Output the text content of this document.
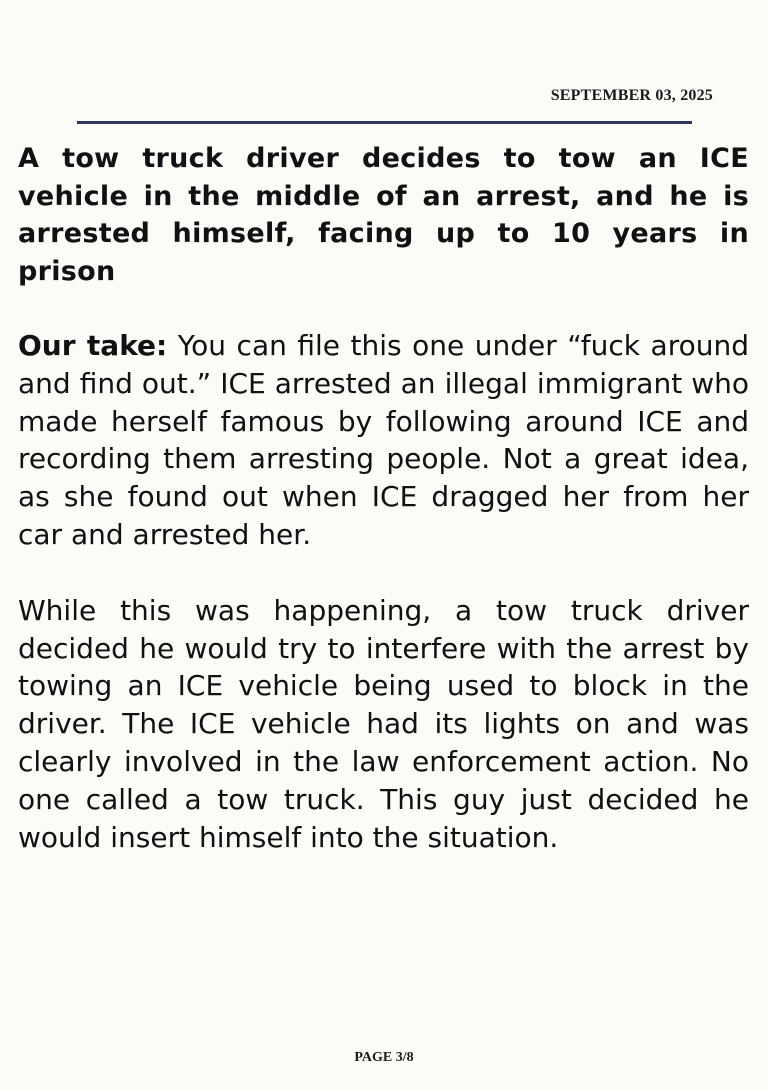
SEPTEMBER 03, 2025
A tow truck driver decides to tow an ICE vehicle in the middle of an arrest, and he is arrested himself, facing up to 10 years in prison

Our take: You can file this one under “fuck around and find out.” ICE arrested an illegal immigrant who made herself famous by following around ICE and recording them arresting people. Not a great idea, as she found out when ICE dragged her from her car and arrested her.

While this was happening, a tow truck driver decided he would try to interfere with the arrest by towing an ICE vehicle being used to block in the driver. The ICE vehicle had its lights on and was clearly involved in the law enforcement action. No one called a tow truck. This guy just decided he would insert himself into the situation.

PAGE 3/8
